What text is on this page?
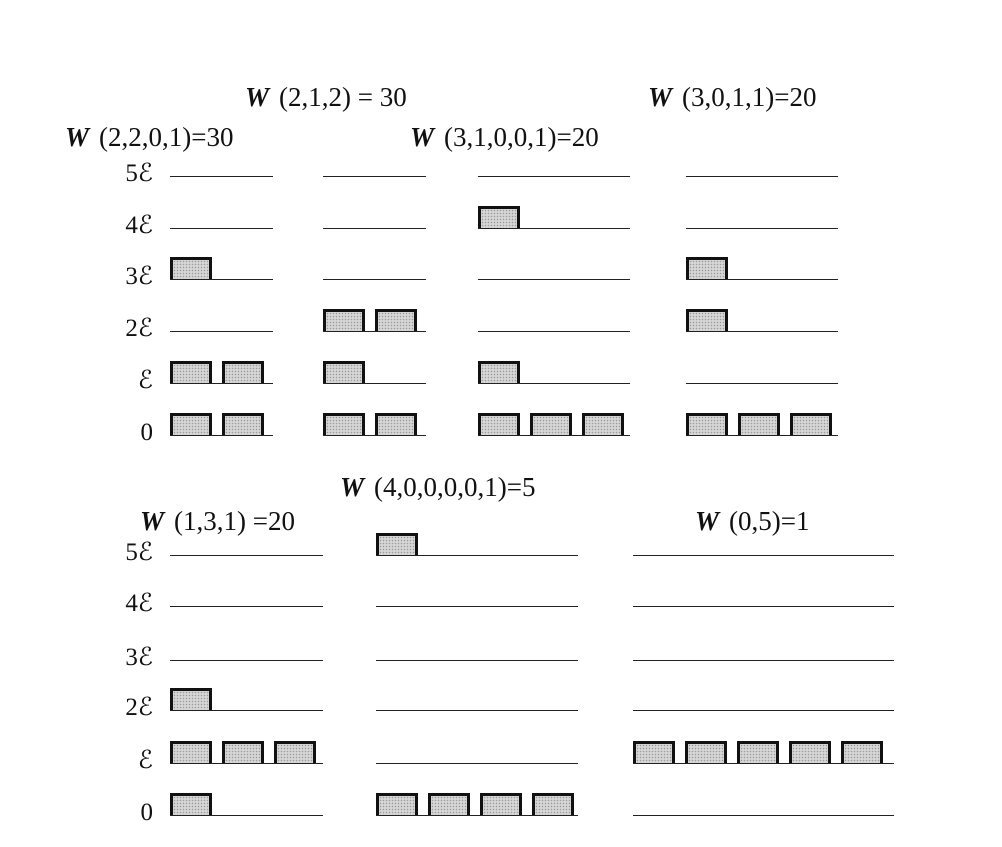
0
ℰ
2ℰ
3ℰ
4ℰ
5ℰ
W (2,2,0,1)=30
W (2,1,2) = 30
W (3,1,0,0,1)=20
W (3,0,1,1)=20
0
ℰ
2ℰ
3ℰ
4ℰ
5ℰ
W (1,3,1) =20
W (4,0,0,0,0,1)=5
W (0,5)=1
